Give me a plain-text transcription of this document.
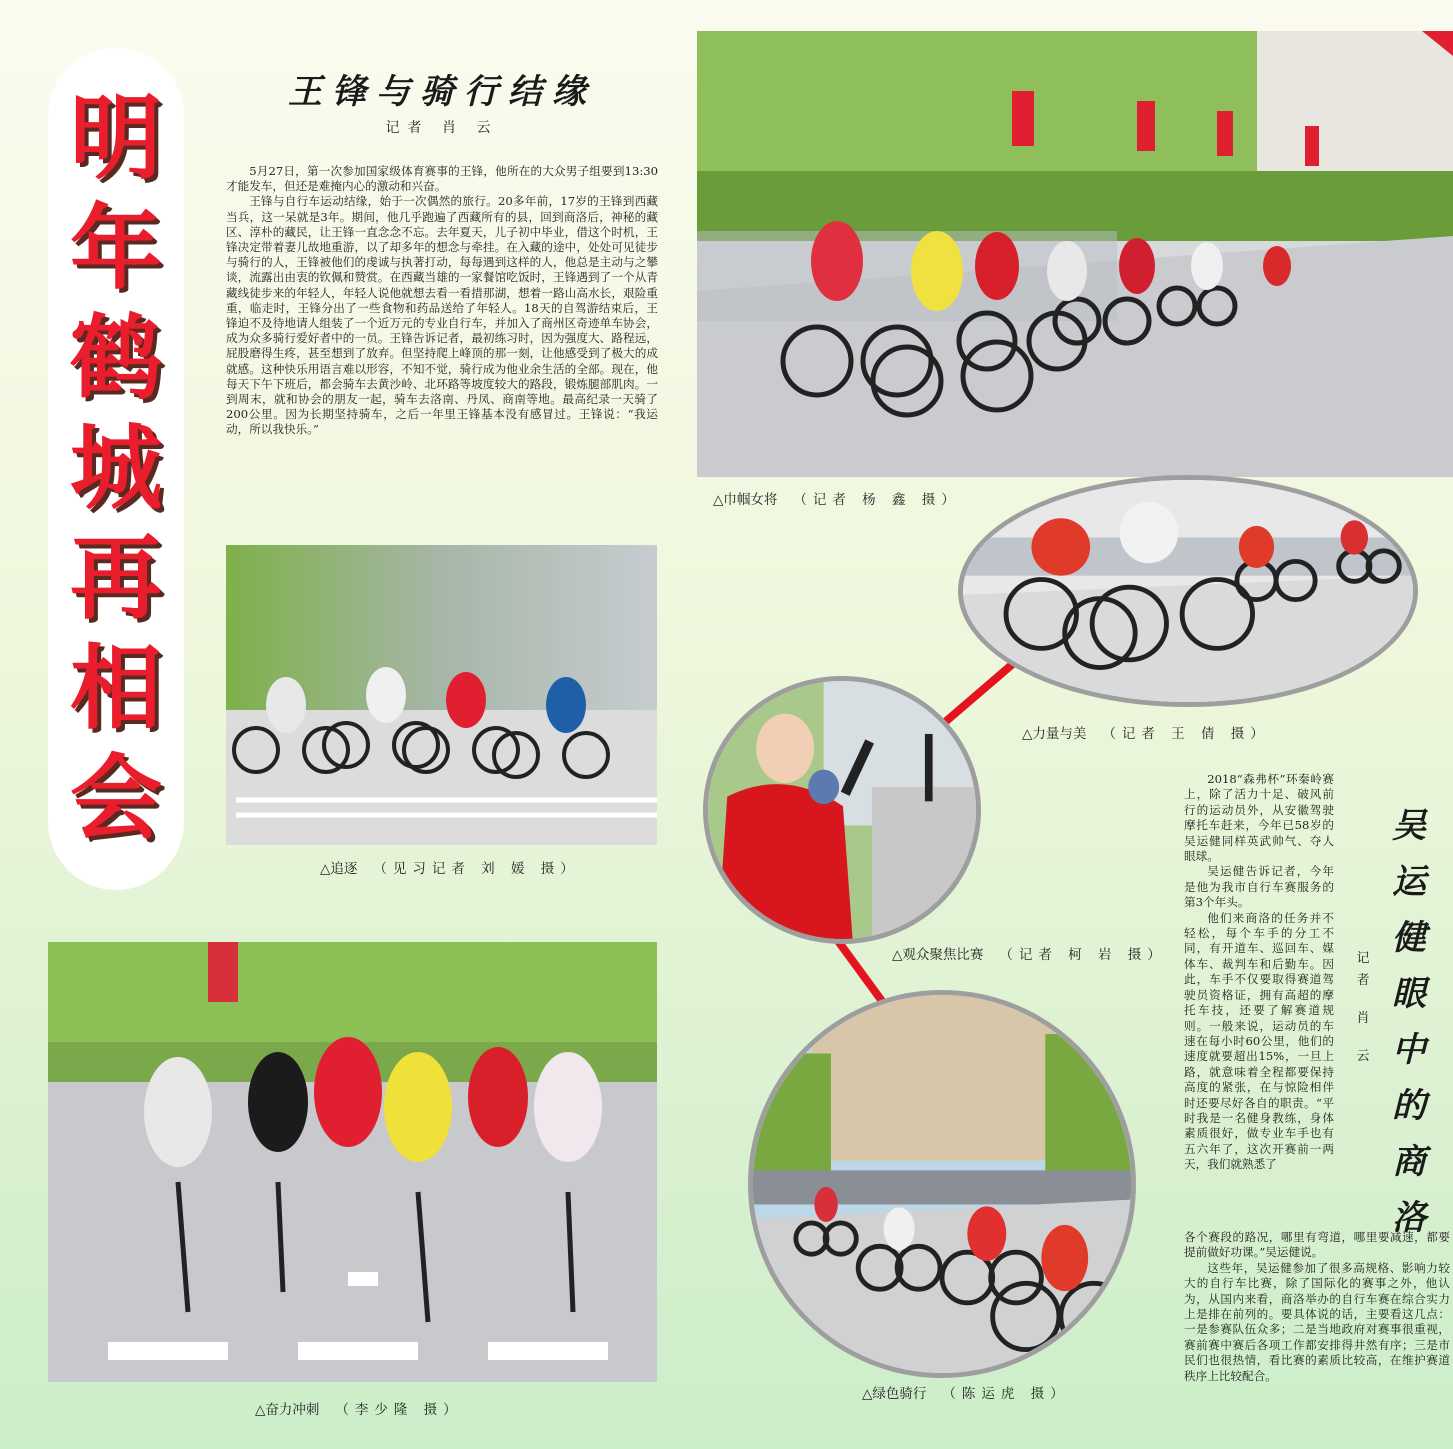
明
年
鹤
城
再
相
会
王锋与骑行结缘
记者 肖 云

5月27日，第一次参加国家级体育赛事的王锋，他所在的大众男子组要到13:30才能发车，但还是难掩内心的激动和兴奋。

王锋与自行车运动结缘，始于一次偶然的旅行。20多年前，17岁的王锋到西藏当兵，这一呆就是3年。期间，他几乎跑遍了西藏所有的县，回到商洛后，神秘的藏区、淳朴的藏民，让王锋一直念念不忘。去年夏天，儿子初中毕业，借这个时机，王锋决定带着妻儿故地重游，以了却多年的想念与牵挂。在入藏的途中，处处可见徒步与骑行的人，王锋被他们的虔诚与执著打动，每每遇到这样的人，他总是主动与之攀谈，流露出由衷的钦佩和赞赏。在西藏当雄的一家餐馆吃饭时，王锋遇到了一个从青藏线徒步来的年轻人，年轻人说他就想去看一看措那湖，想着一路山高水长，艰险重重，临走时，王锋分出了一些食物和药品送给了年轻人。18天的自驾游结束后，王锋迫不及待地请人组装了一个近万元的专业自行车，并加入了商州区奇迹单车协会，成为众多骑行爱好者中的一员。王锋告诉记者，最初练习时，因为强度大、路程远，屁股磨得生疼，甚至想到了放弃。但坚持爬上峰顶的那一刻，让他感受到了极大的成就感。这种快乐用语言难以形容，不知不觉，骑行成为他业余生活的全部。现在，他每天下午下班后，都会骑车去黄沙岭、北环路等坡度较大的路段，锻炼腿部肌肉。一到周末，就和协会的朋友一起，骑车去洛南、丹凤、商南等地。最高纪录一天骑了200公里。因为长期坚持骑车，之后一年里王锋基本没有感冒过。王锋说：“我运动，所以我快乐。”

△巾帼女将 （记者 杨 鑫 摄）
△追逐 （见习记者 刘 媛 摄）
△力量与美 （记者 王 倩 摄）
△观众聚焦比赛 （记者 柯 岩 摄）
△奋力冲刺 （李少隆 摄）
△绿色骑行 （陈运虎 摄）
吴
运
健
眼
中
的
商
洛
记
者
肖
云

2018“森弗杯”环秦岭赛上，除了活力十足、破风前行的运动员外，从安徽驾驶摩托车赶来，今年已58岁的吴运健同样英武帅气、夺人眼球。

吴运健告诉记者，今年是他为我市自行车赛服务的第3个年头。

他们来商洛的任务并不轻松，每个车手的分工不同，有开道车、巡回车、媒体车、裁判车和后勤车。因此，车手不仅要取得赛道驾驶员资格证，拥有高超的摩托车技，还要了解赛道规则。一般来说，运动员的车速在每小时60公里，他们的速度就要超出15%，一旦上路，就意味着全程都要保持高度的紧张，在与惊险相伴时还要尽好各自的职责。“平时我是一名健身教练，身体素质很好，做专业车手也有五六年了，这次开赛前一两天，我们就熟悉了

各个赛段的路况，哪里有弯道，哪里要减速，都要提前做好功课。”吴运健说。

这些年，吴运健参加了很多高规格、影响力较大的自行车比赛，除了国际化的赛事之外，他认为，从国内来看，商洛举办的自行车赛在综合实力上是排在前列的。要具体说的话，主要看这几点：一是参赛队伍众多；二是当地政府对赛事很重视，赛前赛中赛后各项工作都安排得井然有序；三是市民们也很热情，看比赛的素质比较高，在维护赛道秩序上比较配合。
